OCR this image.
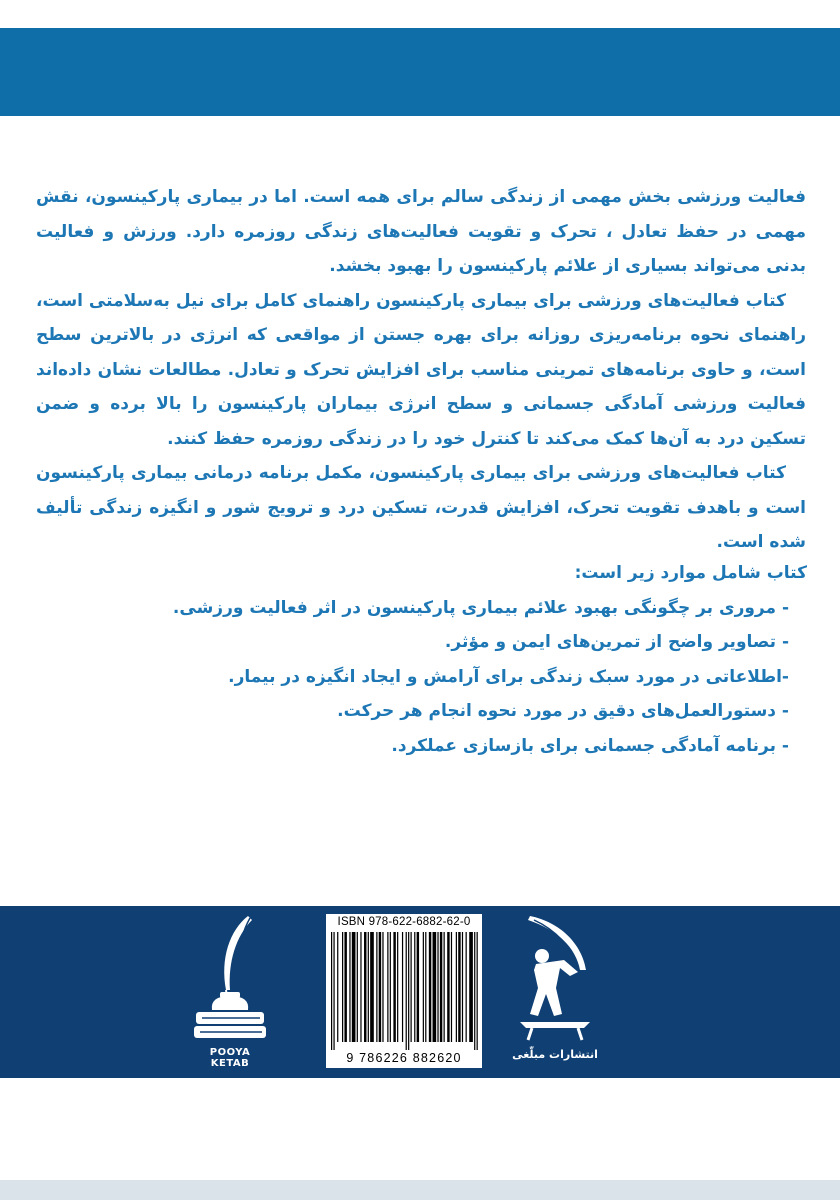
فعالیت ورزشی بخش مهمی از زندگی سالم برای همه است. اما در بیماری پارکینسون، نقش مهمی در حفظ تعادل ، تحرک و تقویت فعالیت‌های زندگی روزمره دارد. ورزش و فعالیت بدنی می‌تواند بسیاری از علائم پارکینسون را بهبود بخشد.

کتاب فعالیت‌های ورزشی برای بیماری پارکینسون راهنمای کامل برای نیل به‌سلامتی است، راهنمای نحوه برنامه‌ریزی روزانه برای بهره جستن از مواقعی که انرژی در بالاترین سطح است، و حاوی برنامه‌های تمرینی مناسب برای افزایش تحرک و تعادل. مطالعات نشان داده‌اند فعالیت ورزشی آمادگی جسمانی و سطح انرژی بیماران پارکینسون را بالا برده و ضمن تسکین درد به آن‌ها کمک می‌کند تا کنترل خود را در زندگی روزمره حفظ کنند.

کتاب فعالیت‌های ورزشی برای بیماری پارکینسون، مکمل برنامه درمانی بیماری پارکینسون است و باهدف تقویت تحرک، افزایش قدرت، تسکین درد و ترویج شور و انگیزه زندگی تألیف شده است.

کتاب شامل موارد زیر است:

- مروری بر چگونگی بهبود علائم بیماری پارکینسون در اثر فعالیت ورزشی.
- تصاویر واضح از تمرین‌های ایمن و مؤثر.
-اطلاعاتی در مورد سبک زندگی برای آرامش و ایجاد انگیزه در بیمار.
- دستورالعمل‌های دقیق در مورد نحوه انجام هر حرکت.
- برنامه آمادگی جسمانی برای بازسازی عملکرد.
POOYA KETAB
ISBN 978-622-6882-62-0
9 786226 882620	انتشارات مبلّغی
